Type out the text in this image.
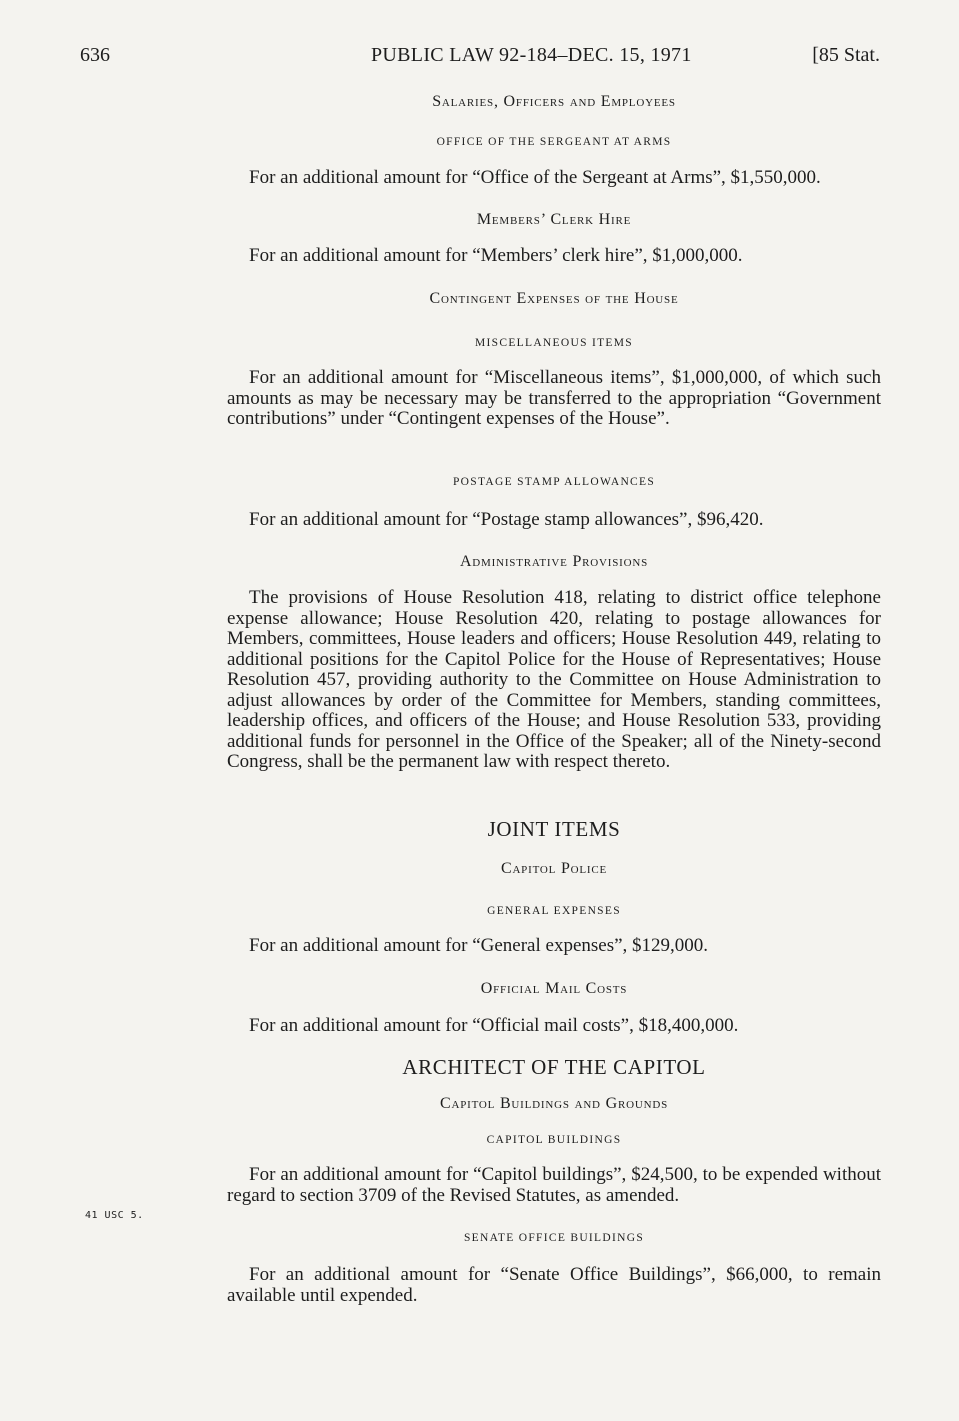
636	PUBLIC LAW 92-184–DEC. 15, 1971	[85 Stat.
Salaries, Officers and Employees
OFFICE OF THE SERGEANT AT ARMS
For an additional amount for “Office of the Sergeant at Arms”, $1,550,000.
Members’ Clerk Hire
For an additional amount for “Members’ clerk hire”, $1,000,000.
Contingent Expenses of the House
MISCELLANEOUS ITEMS
For an additional amount for “Miscellaneous items”, $1,000,000, of which such amounts as may be necessary may be transferred to the appropriation “Government contributions” under “Contingent expenses of the House”.
POSTAGE STAMP ALLOWANCES
For an additional amount for “Postage stamp allowances”, $96,420.
Administrative Provisions
The provisions of House Resolution 418, relating to district office telephone expense allowance; House Resolution 420, relating to postage allowances for Members, committees, House leaders and officers; House Resolution 449, relating to additional positions for the Capitol Police for the House of Representatives; House Resolution 457, providing authority to the Committee on House Administration to adjust allowances by order of the Committee for Members, standing committees, leadership offices, and officers of the House; and House Resolution 533, providing additional funds for personnel in the Office of the Speaker; all of the Ninety-second Congress, shall be the permanent law with respect thereto.
JOINT ITEMS
Capitol Police
GENERAL EXPENSES
For an additional amount for “General expenses”, $129,000.
Official Mail Costs
For an additional amount for “Official mail costs”, $18,400,000.
ARCHITECT OF THE CAPITOL
Capitol Buildings and Grounds
CAPITOL BUILDINGS
For an additional amount for “Capitol buildings”, $24,500, to be expended without regard to section 3709 of the Revised Statutes, as amended.
41 USC 5.
SENATE OFFICE BUILDINGS
For an additional amount for “Senate Office Buildings”, $66,000, to remain available until expended.
